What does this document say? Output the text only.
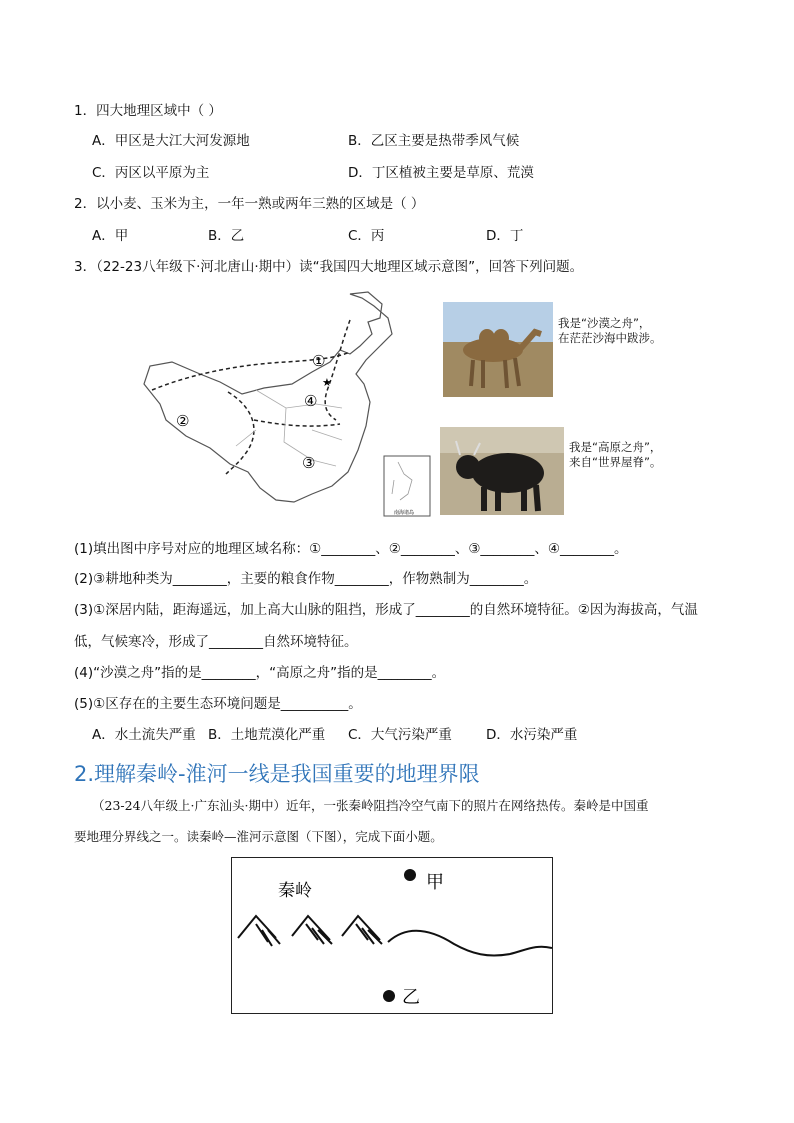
1．四大地理区域中（ ）
A．甲区是大江大河发源地	B．乙区主要是热带季风气候
C．丙区以平原为主	D．丁区植被主要是草原、荒漠
2．以小麦、玉米为主，一年一熟或两年三熟的区域是（ ）
A．甲	B．乙	C．丙	D．丁
3．（22-23八年级下·河北唐山·期中）读“我国四大地理区域示意图”，回答下列问题。
①
②
③
④
★
南海诸岛
我是“沙漠之舟”，
在茫茫沙海中跋涉。
我是“高原之舟”，
来自“世界屋脊”。
(1)填出图中序号对应的地理区域名称：①________、②________、③________、④________。
(2)③耕地种类为________，主要的粮食作物________，作物熟制为________。
(3)①深居内陆，距海遥远，加上高大山脉的阻挡，形成了________的自然环境特征。②因为海拔高，气温
低，气候寒冷，形成了________自然环境特征。
(4)“沙漠之舟”指的是________，“高原之舟”指的是________。
(5)①区存在的主要生态环境问题是__________。
A．水土流失严重 B．土地荒漠化严重 C．大气污染严重	D．水污染严重
2.理解秦岭-淮河一线是我国重要的地理界限
（23-24八年级上·广东汕头·期中）近年，一张秦岭阻挡冷空气南下的照片在网络热传。秦岭是中国重
要地理分界线之一。读秦岭—淮河示意图（下图），完成下面小题。
秦岭	甲
乙
